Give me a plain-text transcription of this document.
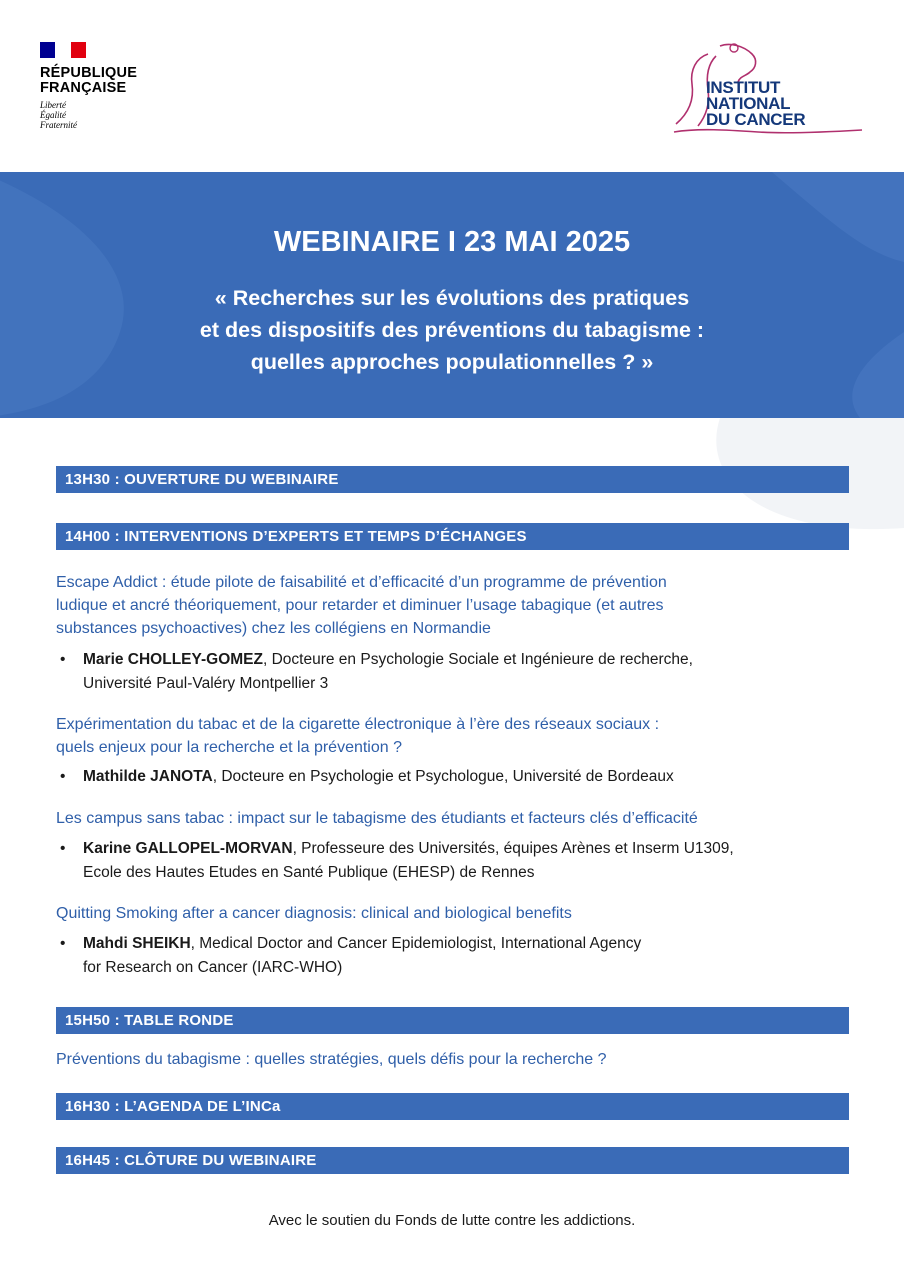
RÉPUBLIQUE
FRANÇAISE
Liberté
Égalité
Fraternité
INSTITUT
NATIONAL
DU CANCER
WEBINAIRE I 23 MAI 2025
« Recherches sur les évolutions des pratiques
et des dispositifs des préventions du tabagisme :
quelles approches populationnelles ? »
13H30 : OUVERTURE DU WEBINAIRE
14H00 : INTERVENTIONS D’EXPERTS ET TEMPS D’ÉCHANGES
Escape Addict : étude pilote de faisabilité et d’efficacité d’un programme de prévention
ludique et ancré théoriquement, pour retarder et diminuer l’usage tabagique (et autres
substances psychoactives) chez les collégiens en Normandie
• Marie CHOLLEY-GOMEZ, Docteure en Psychologie Sociale et Ingénieure de recherche,
Université Paul-Valéry Montpellier 3
Expérimentation du tabac et de la cigarette électronique à l’ère des réseaux sociaux :
quels enjeux pour la recherche et la prévention ?
• Mathilde JANOTA, Docteure en Psychologie et Psychologue, Université de Bordeaux
Les campus sans tabac : impact sur le tabagisme des étudiants et facteurs clés d’efficacité
• Karine GALLOPEL-MORVAN, Professeure des Universités, équipes Arènes et Inserm U1309,
Ecole des Hautes Etudes en Santé Publique (EHESP) de Rennes
Quitting Smoking after a cancer diagnosis: clinical and biological benefits
• Mahdi SHEIKH, Medical Doctor and Cancer Epidemiologist, International Agency
for Research on Cancer (IARC-WHO)
15H50 : TABLE RONDE
Préventions du tabagisme : quelles stratégies, quels défis pour la recherche ?
16H30 : L’AGENDA DE L’INCa
16H45 : CLÔTURE DU WEBINAIRE
Avec le soutien du Fonds de lutte contre les addictions.
